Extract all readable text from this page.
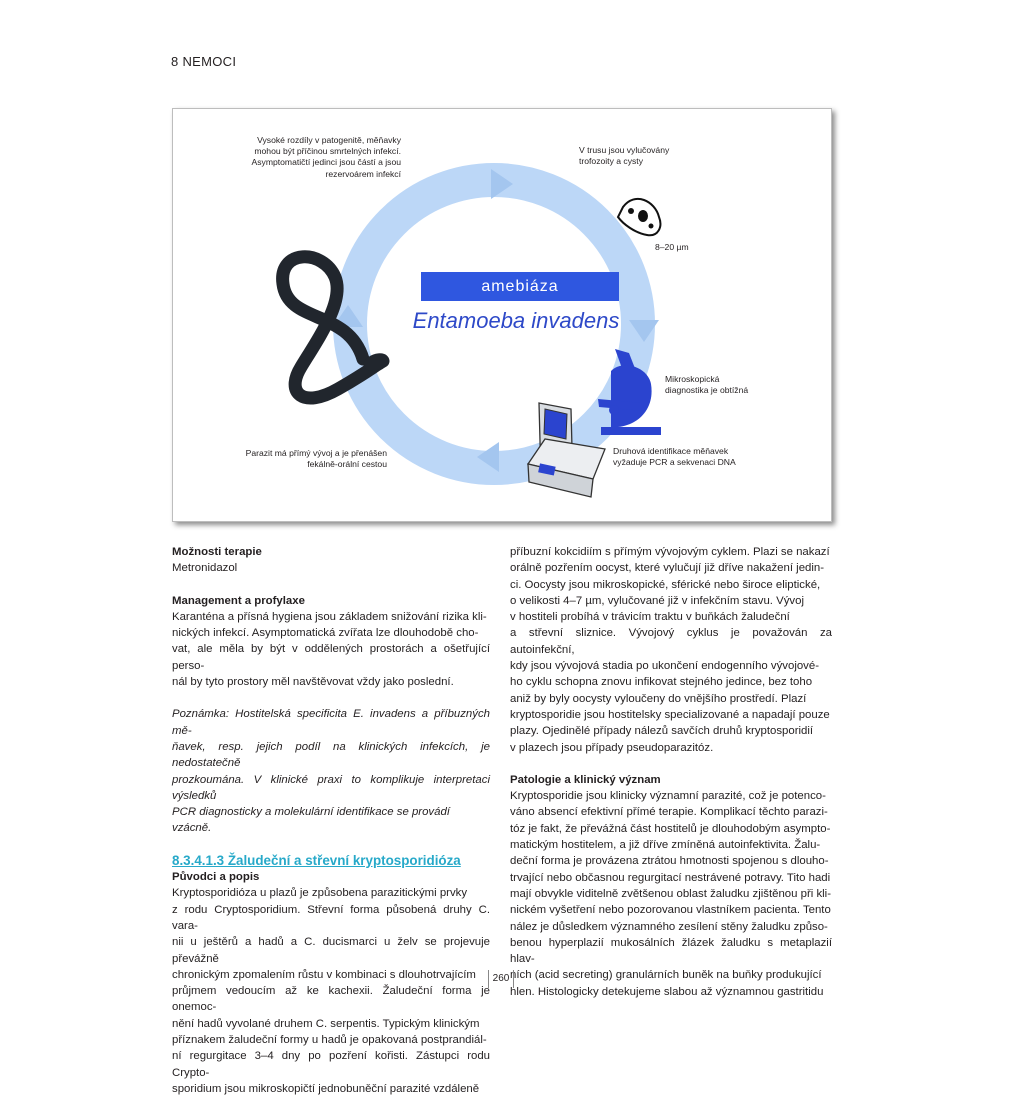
8 NEMOCI
amebiáza
Entamoeba invadens
Vysoké rozdíly v patogenitě, měňavky
mohou být příčinou smrtelných infekcí.
Asymptomatičtí jedinci jsou částí a jsou
rezervoárem infekcí
V trusu jsou vylučovány
trofozoity a cysty
8–20 µm
Mikroskopická
diagnostika je obtížná
Druhová identifikace měňavek
vyžaduje PCR a sekvenaci DNA
Parazit má přímý vývoj a je přenášen
fekálně-orální cestou

Možnosti terapie

Metronidazol

Management a profylaxe

Karanténa a přísná hygiena jsou základem snižování rizika kli-

nických infekcí. Asymptomatická zvířata lze dlouhodobě cho-

vat, ale měla by být v oddělených prostorách a ošetřující perso-

nál by tyto prostory měl navštěvovat vždy jako poslední.

Poznámka: Hostitelská specificita E. invadens a příbuzných mě-

ňavek, resp. jejich podíl na klinických infekcích, je nedostatečně

prozkoumána. V klinické praxi to komplikuje interpretaci výsledků

PCR diagnosticky a molekulární identifikace se provádí vzácně.

8.3.4.1.3 Žaludeční a střevní kryptosporidióza

Původci a popis

Kryptosporidióza u plazů je způsobena parazitickými prvky

z rodu Cryptosporidium. Střevní forma působená druhy C. vara-

nii u ještěrů a hadů a C. ducismarci u želv se projevuje převážně

chronickým zpomalením růstu v kombinaci s dlouhotrvajícím

průjmem vedoucím až ke kachexii. Žaludeční forma je onemoc-

nění hadů vyvolané druhem C. serpentis. Typickým klinickým

příznakem žaludeční formy u hadů je opakovaná postprandiál-

ní regurgitace 3–4 dny po pozření kořisti. Zástupci rodu Crypto-

sporidium jsou mikroskopičtí jednobuněční parazité vzdáleně

příbuzní kokcidiím s přímým vývojovým cyklem. Plazi se nakazí

orálně pozřením oocyst, které vylučují již dříve nakažení jedin-

ci. Oocysty jsou mikroskopické, sférické nebo široce eliptické,

o velikosti 4–7 µm, vylučované již v infekčním stavu. Vývoj

v hostiteli probíhá v trávicím traktu v buňkách žaludeční

a střevní sliznice. Vývojový cyklus je považován za autoinfekční,

kdy jsou vývojová stadia po ukončení endogenního vývojové-

ho cyklu schopna znovu infikovat stejného jedince, bez toho

aniž by byly oocysty vyloučeny do vnějšího prostředí. Plazí

kryptosporidie jsou hostitelsky specializované a napadají pouze

plazy. Ojedinělé případy nálezů savčích druhů kryptosporidií

v plazech jsou případy pseudoparazitóz.

Patologie a klinický význam

Kryptosporidie jsou klinicky významní parazité, což je potenco-

váno absencí efektivní přímé terapie. Komplikací těchto parazi-

tóz je fakt, že převážná část hostitelů je dlouhodobým asympto-

matickým hostitelem, a již dříve zmíněná autoinfektivita. Žalu-

deční forma je provázena ztrátou hmotnosti spojenou s dlouho-

trvající nebo občasnou regurgitací nestrávené potravy. Tito hadi

mají obvykle viditelně zvětšenou oblast žaludku zjištěnou při kli-

nickém vyšetření nebo pozorovanou vlastníkem pacienta. Tento

nález je důsledkem významného zesílení stěny žaludku způso-

benou hyperplazií mukosálních žlázek žaludku s metaplazií hlav-

ních (acid secreting) granulárních buněk na buňky produkující

hlen. Histologicky detekujeme slabou až významnou gastritidu

260
